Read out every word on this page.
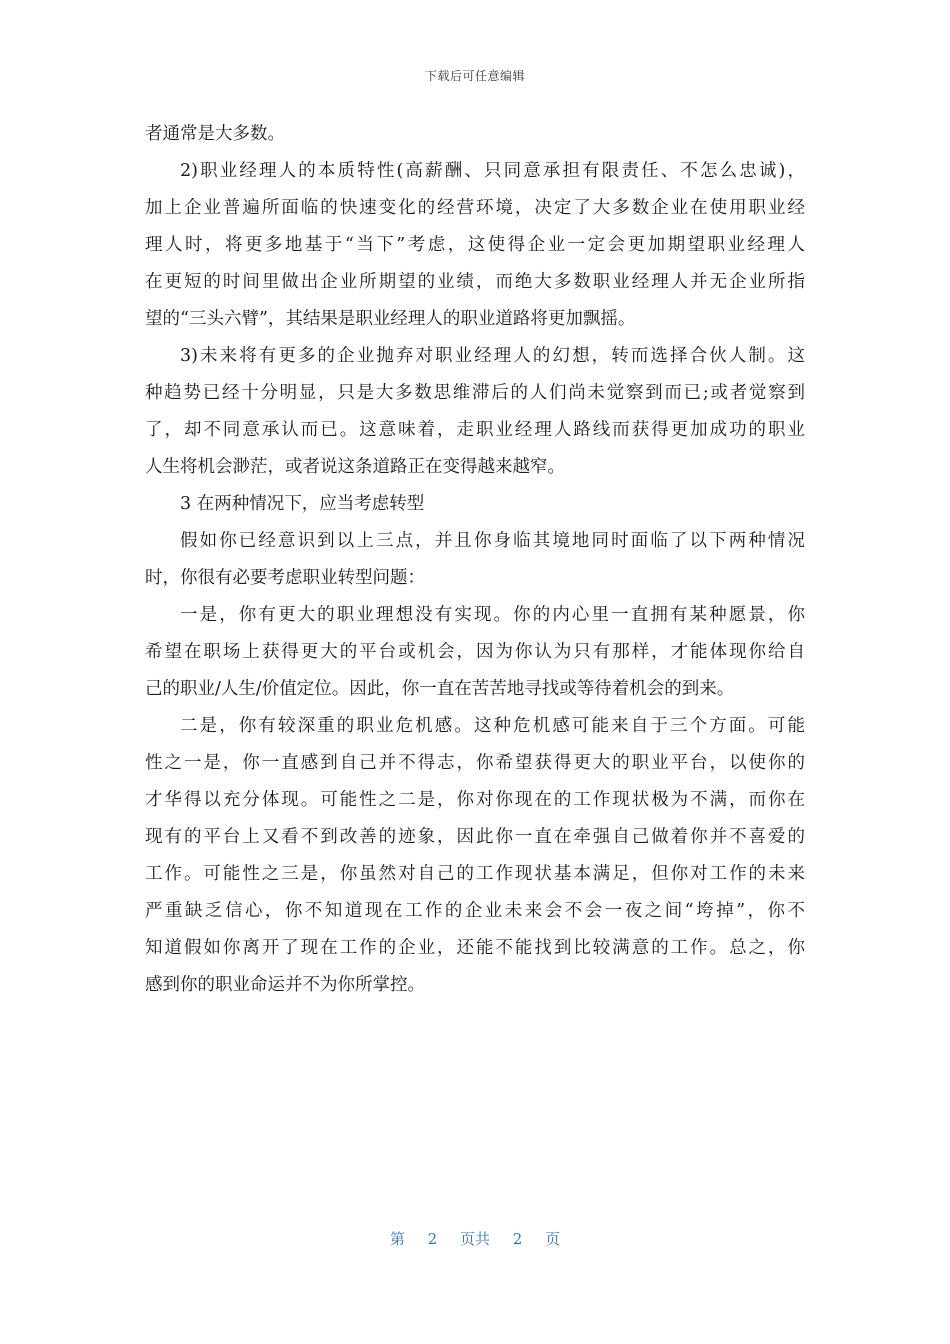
下载后可任意编辑
者通常是大多数。
2)职业经理人的本质特性(高薪酬、只同意承担有限责任、不怎么忠诚)，
加上企业普遍所面临的快速变化的经营环境，决定了大多数企业在使用职业经
理人时，将更多地基于“当下”考虑，这使得企业一定会更加期望职业经理人
在更短的时间里做出企业所期望的业绩，而绝大多数职业经理人并无企业所指
望的“三头六臂”，其结果是职业经理人的职业道路将更加飘摇。
3)未来将有更多的企业抛弃对职业经理人的幻想，转而选择合伙人制。这
种趋势已经十分明显，只是大多数思维滞后的人们尚未觉察到而已;或者觉察到
了，却不同意承认而已。这意味着，走职业经理人路线而获得更加成功的职业
人生将机会渺茫，或者说这条道路正在变得越来越窄。
3 在两种情况下，应当考虑转型
假如你已经意识到以上三点，并且你身临其境地同时面临了以下两种情况
时，你很有必要考虑职业转型问题：
一是，你有更大的职业理想没有实现。你的内心里一直拥有某种愿景，你
希望在职场上获得更大的平台或机会，因为你认为只有那样，才能体现你给自
己的职业/人生/价值定位。因此，你一直在苦苦地寻找或等待着机会的到来。
二是，你有较深重的职业危机感。这种危机感可能来自于三个方面。可能
性之一是，你一直感到自己并不得志，你希望获得更大的职业平台，以使你的
才华得以充分体现。可能性之二是，你对你现在的工作现状极为不满，而你在
现有的平台上又看不到改善的迹象，因此你一直在牵强自己做着你并不喜爱的
工作。可能性之三是，你虽然对自己的工作现状基本满足，但你对工作的未来
严重缺乏信心，你不知道现在工作的企业未来会不会一夜之间“垮掉”，你不
知道假如你离开了现在工作的企业，还能不能找到比较满意的工作。总之，你
感到你的职业命运并不为你所掌控。
第 2 页共 2 页
